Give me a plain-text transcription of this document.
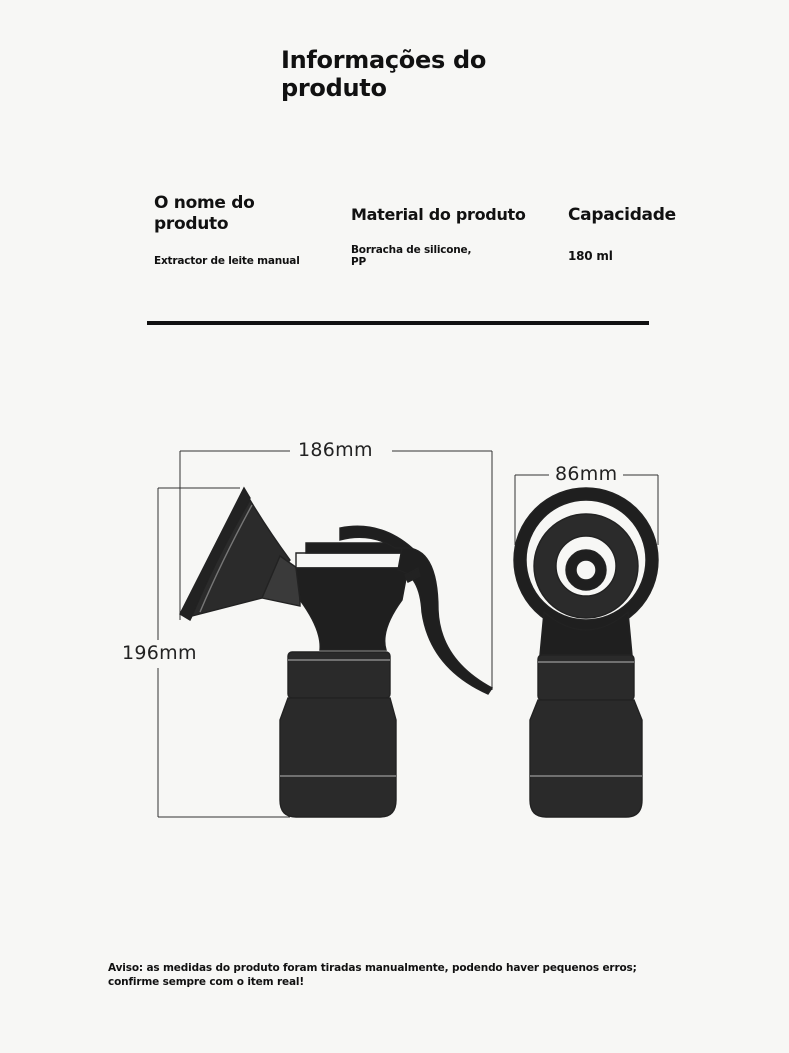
Informações do produto
O nome do produto
Extractor de leite manual
Material do produto
Borracha de silicone, PP
Capacidade
180 ml
186mm
86mm
196mm
Aviso: as medidas do produto foram tiradas manualmente, podendo haver pequenos erros; confirme sempre com o item real!
